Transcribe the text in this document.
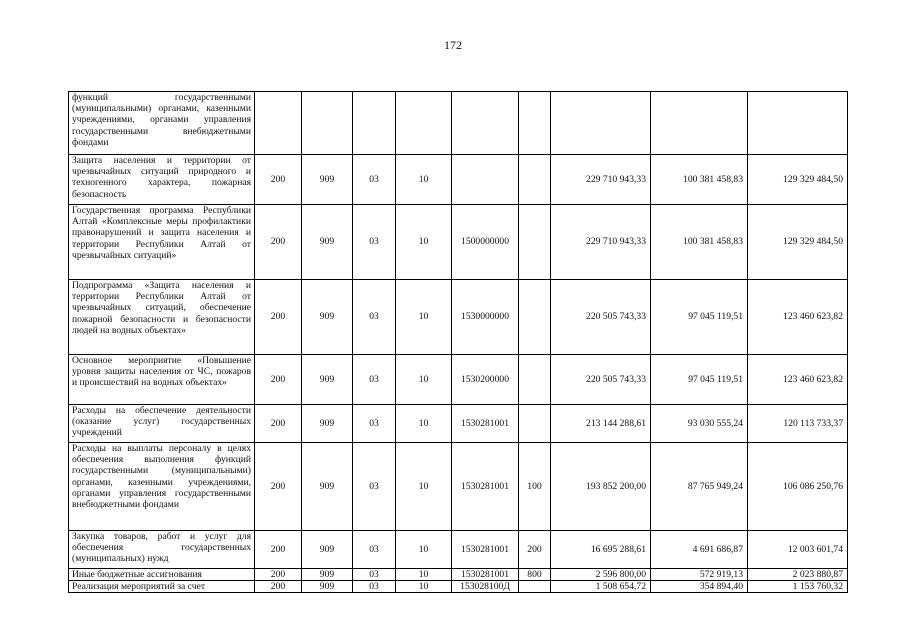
172
функций государственными (муниципальными) органами, казенными учреждениями, органами управления государственными внебюджетными фондами									
Защита населения и территории от чрезвычайных ситуаций природного и техногенного характера, пожарная безопасность	200	909	03	10			229 710 943,33	100 381 458,83	129 329 484,50
Государственная программа Республики Алтай «Комплексные меры профилактики правонарушений и защита населения и территории Республики Алтай от чрезвычайных ситуаций»	200	909	03	10	1500000000		229 710 943,33	100 381 458,83	129 329 484,50
Подпрограмма «Защита населения и территории Республики Алтай от чрезвычайных ситуаций, обеспечение пожарной безопасности и безопасности людей на водных объектах»	200	909	03	10	1530000000		220 505 743,33	97 045 119,51	123 460 623,82
Основное мероприятие «Повышение уровня защиты населения от ЧС, пожаров и происшествий на водных объектах»	200	909	03	10	1530200000		220 505 743,33	97 045 119,51	123 460 623,82
Расходы на обеспечение деятельности (оказание услуг) государственных учреждений	200	909	03	10	1530281001		213 144 288,61	93 030 555,24	120 113 733,37
Расходы на выплаты персоналу в целях обеспечения выполнения функций государственными (муниципальными) органами, казенными учреждениями, органами управления государственными внебюджетными фондами	200	909	03	10	1530281001	100	193 852 200,00	87 765 949,24	106 086 250,76
Закупка товаров, работ и услуг для обеспечения государственных (муниципальных) нужд	200	909	03	10	1530281001	200	16 695 288,61	4 691 686,87	12 003 601,74
Иные бюджетные ассигнования	200	909	03	10	1530281001	800	2 596 800,00	572 919,13	2 023 880,87
Реализация мероприятий за счет	200	909	03	10	153028100Д		1 508 654,72	354 894,40	1 153 760,32
